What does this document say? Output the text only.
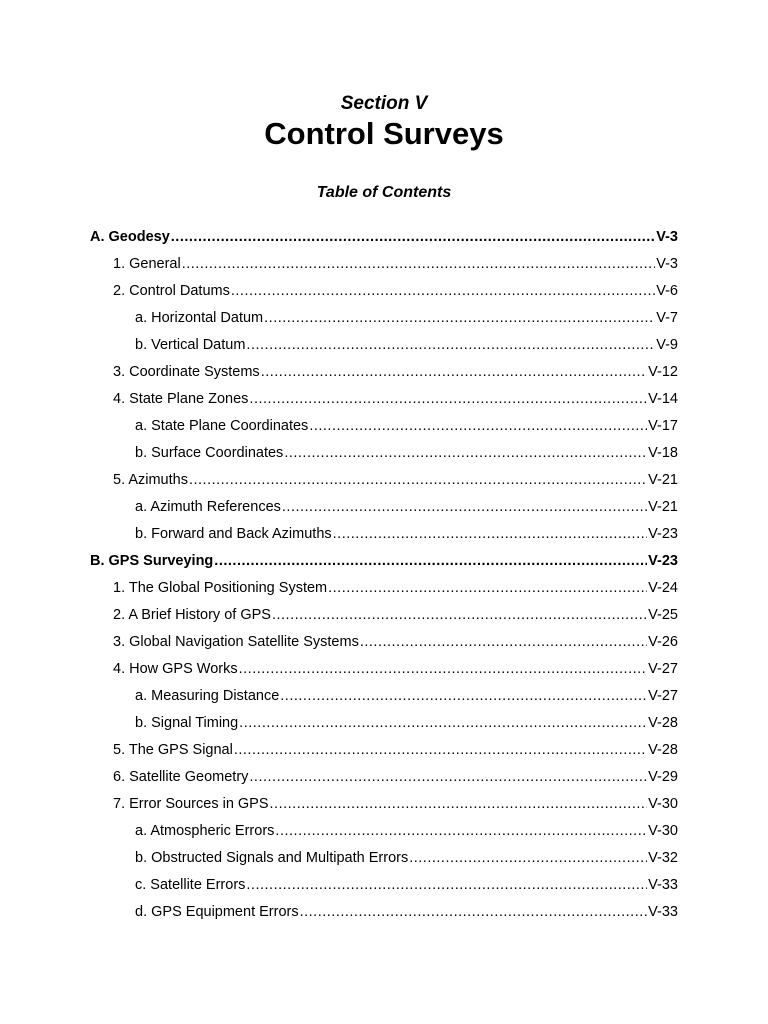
Section V
Control Surveys
Table of Contents
A. Geodesy .....	V-3
1. General .....	V-3
2. Control Datums .....	V-6
a. Horizontal Datum .....	V-7
b. Vertical Datum .....	V-9
3. Coordinate Systems .....	V-12
4. State Plane Zones .....	V-14
a. State Plane Coordinates .....	V-17
b. Surface Coordinates .....	V-18
5. Azimuths .....	V-21
a. Azimuth References .....	V-21
b. Forward and Back Azimuths .....	V-23
B. GPS Surveying .....	V-23
1. The Global Positioning System .....	V-24
2. A Brief History of GPS .....	V-25
3. Global Navigation Satellite Systems .....	V-26
4. How GPS Works .....	V-27
a. Measuring Distance .....	V-27
b. Signal Timing .....	V-28
5. The GPS Signal .....	V-28
6. Satellite Geometry .....	V-29
7. Error Sources in GPS .....	V-30
a. Atmospheric Errors .....	V-30
b. Obstructed Signals and Multipath Errors .....	V-32
c. Satellite Errors .....	V-33
d. GPS Equipment Errors .....	V-33
